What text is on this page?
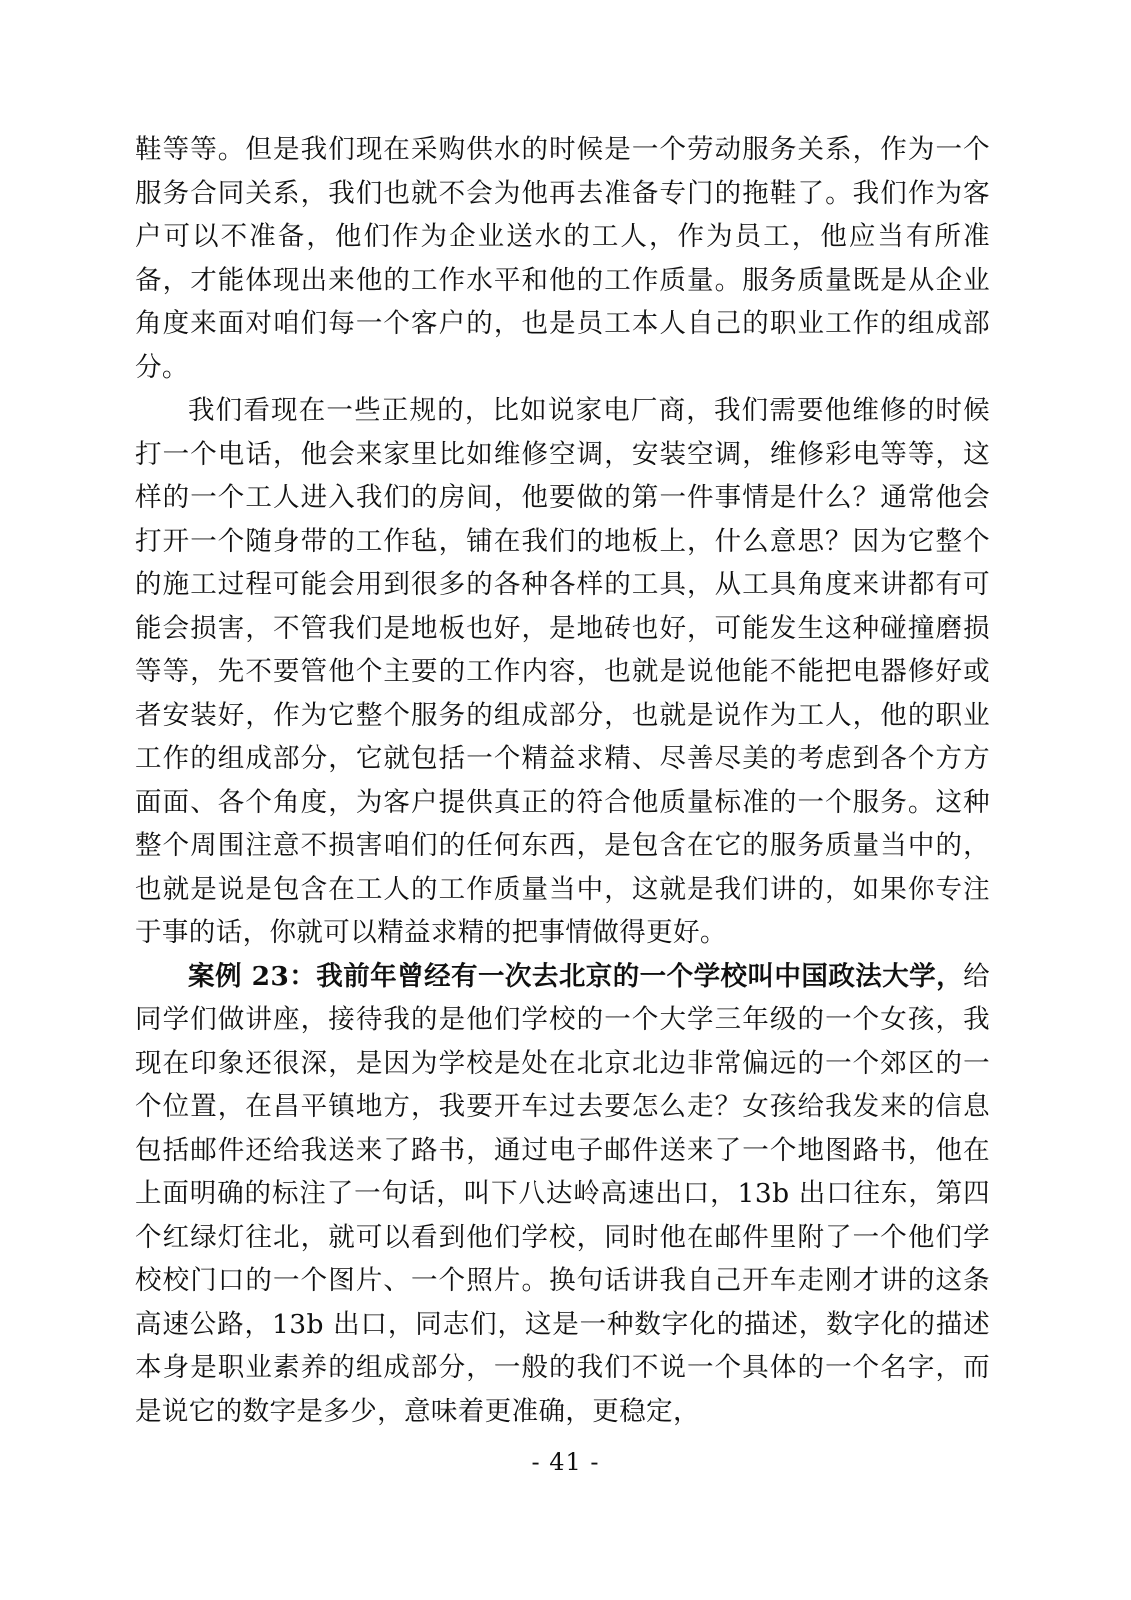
鞋等等。但是我们现在采购供水的时候是一个劳动服务关系，作为一个服务合同关系，我们也就不会为他再去准备专门的拖鞋了。我们作为客户可以不准备，他们作为企业送水的工人，作为员工，他应当有所准备，才能体现出来他的工作水平和他的工作质量。服务质量既是从企业角度来面对咱们每一个客户的，也是员工本人自己的职业工作的组成部分。

我们看现在一些正规的，比如说家电厂商，我们需要他维修的时候打一个电话，他会来家里比如维修空调，安装空调，维修彩电等等，这样的一个工人进入我们的房间，他要做的第一件事情是什么？通常他会打开一个随身带的工作毡，铺在我们的地板上，什么意思？因为它整个的施工过程可能会用到很多的各种各样的工具，从工具角度来讲都有可能会损害，不管我们是地板也好，是地砖也好，可能发生这种碰撞磨损等等，先不要管他个主要的工作内容，也就是说他能不能把电器修好或者安装好，作为它整个服务的组成部分，也就是说作为工人，他的职业工作的组成部分，它就包括一个精益求精、尽善尽美的考虑到各个方方面面、各个角度，为客户提供真正的符合他质量标准的一个服务。这种整个周围注意不损害咱们的任何东西，是包含在它的服务质量当中的，也就是说是包含在工人的工作质量当中，这就是我们讲的，如果你专注于事的话，你就可以精益求精的把事情做得更好。

案例 23：我前年曾经有一次去北京的一个学校叫中国政法大学，给同学们做讲座，接待我的是他们学校的一个大学三年级的一个女孩，我现在印象还很深，是因为学校是处在北京北边非常偏远的一个郊区的一个位置，在昌平镇地方，我要开车过去要怎么走？女孩给我发来的信息包括邮件还给我送来了路书，通过电子邮件送来了一个地图路书，他在上面明确的标注了一句话，叫下八达岭高速出口，13b 出口往东，第四个红绿灯往北，就可以看到他们学校，同时他在邮件里附了一个他们学校校门口的一个图片、一个照片。换句话讲我自己开车走刚才讲的这条高速公路，13b 出口，同志们，这是一种数字化的描述，数字化的描述本身是职业素养的组成部分，一般的我们不说一个具体的一个名字，而是说它的数字是多少，意味着更准确，更稳定，

- 41 -
